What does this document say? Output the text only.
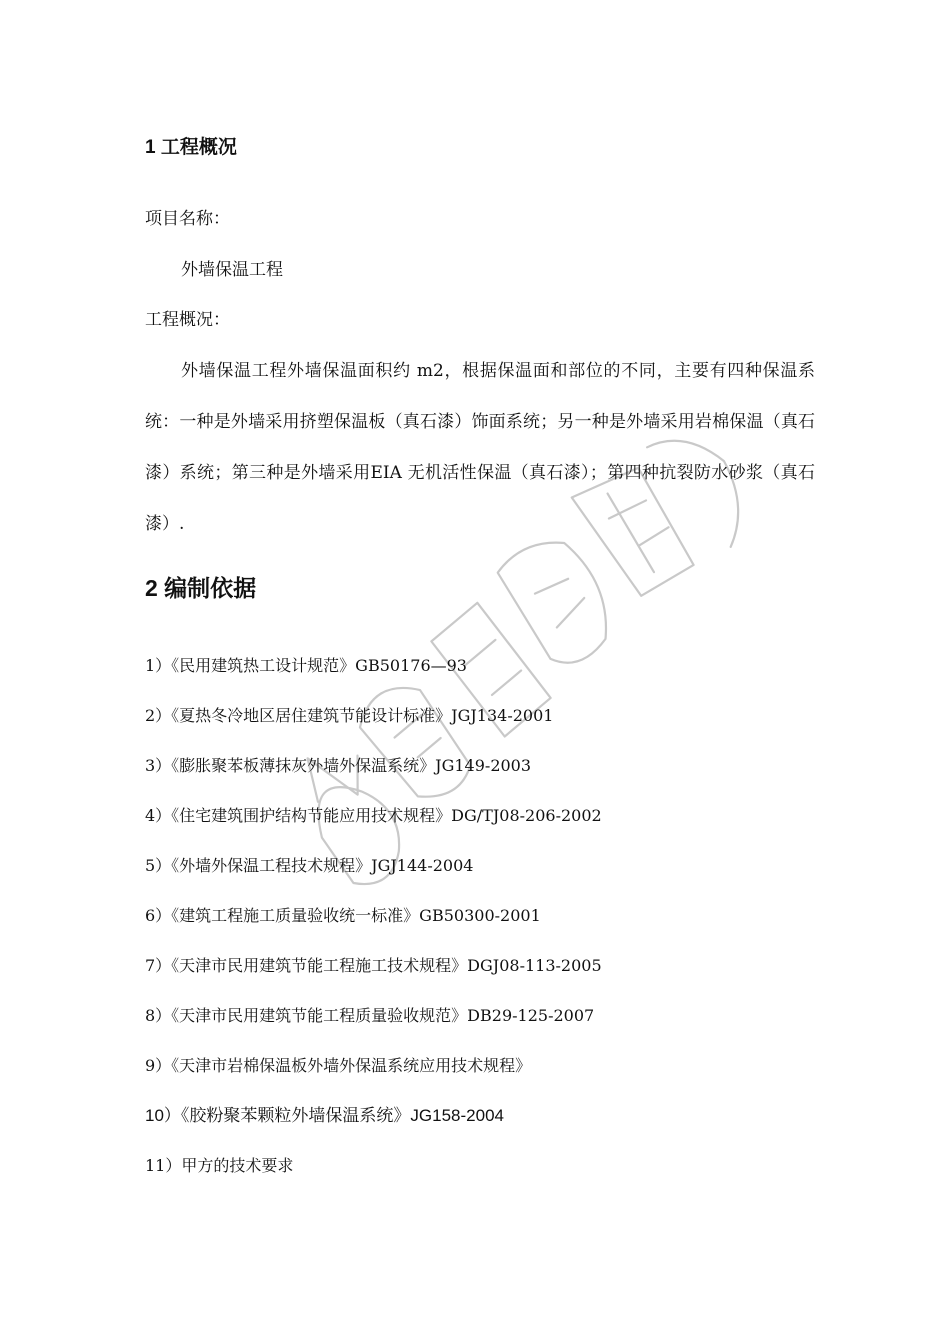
1 工程概况
项目名称：
外墙保温工程
工程概况：

外墙保温工程外墙保温面积约 m2，根据保温面和部位的不同，主要有四种保温系统：一种是外墙采用挤塑保温板（真石漆）饰面系统；另一种是外墙采用岩棉保温（真石漆）系统；第三种是外墙采用EIA 无机活性保温（真石漆）；第四种抗裂防水砂浆（真石漆）.

2 编制依据
1）《民用建筑热工设计规范》GB50176—93
2）《夏热冬冷地区居住建筑节能设计标准》JGJ134-2001
3）《膨胀聚苯板薄抹灰外墙外保温系统》JG149-2003
4）《住宅建筑围护结构节能应用技术规程》DG/TJ08-206-2002
5）《外墙外保温工程技术规程》JGJ144-2004
6）《建筑工程施工质量验收统一标准》GB50300-2001
7）《天津市民用建筑节能工程施工技术规程》DGJ08-113-2005
8）《天津市民用建筑节能工程质量验收规范》DB29-125-2007
9）《天津市岩棉保温板外墙外保温系统应用技术规程》
10）《胶粉聚苯颗粒外墙保温系统》JG158-2004
11）甲方的技术要求
